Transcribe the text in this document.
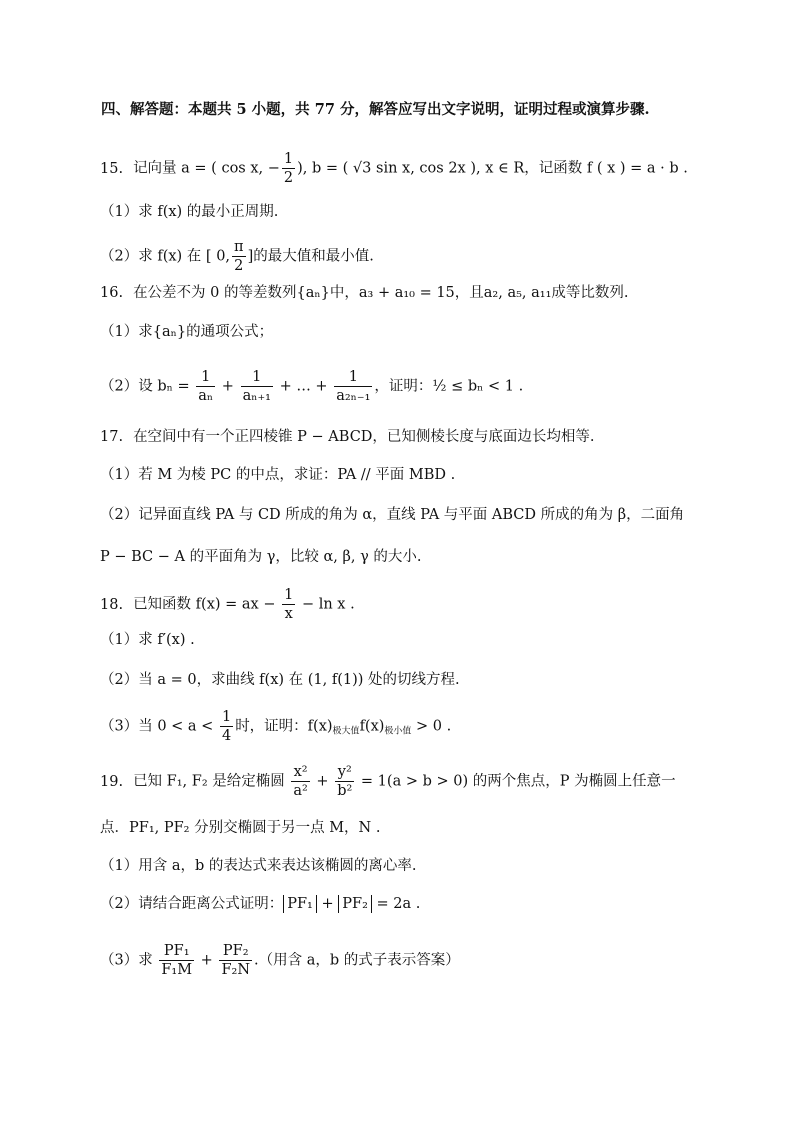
四、解答题：本题共 5 小题，共 77 分，解答应写出文字说明，证明过程或演算步骤.
15. 记向量 a = ( cos x, − $\frac{1}{2}$ ), b = ( √3 sin x, cos 2x ), x ∈ R，记函数 f ( x ) = a · b .
（1）求 f(x) 的最小正周期.
（2）求 f(x) 在 [ 0, $\frac{\pi}{2}$ ]的最大值和最小值.
16. 在公差不为 0 的等差数列{aₙ}中，a₃ + a₁₀ = 15，且a₂, a₅, a₁₁成等比数列.
（1）求{aₙ}的通项公式；
（2）设 $b_n = \frac{1}{\text{aₙ}} + \frac{1}{\text{aₙ₊₁}}$ + … + $\frac{1}{\text{a₂ₙ₋₁}}$ ，证明：½ ≤ bₙ < 1 .
17. 在空间中有一个正四棱锥 P − ABCD，已知侧棱长度与底面边长均相等.
（1）若 M 为棱 PC 的中点，求证：PA // 平面 MBD .
（2）记异面直线 PA 与 CD 所成的角为 α，直线 PA 与平面 ABCD 所成的角为 β，二面角
P − BC − A 的平面角为 γ，比较 α, β, γ 的大小.
18. 已知函数 f(x) = ax − $\frac{1}{x} - \ln x$ .
（1）求 f′(x) .
（2）当 a = 0，求曲线 f(x) 在 (1, f(1)) 处的切线方程.
（3）当 $0 < a < \frac{1}{4}$ 时，证明：$f(x)_{极大值}f(x)_{极小值} > 0$ .
19. 已知 F₁, F₂ 是给定椭圆 $\frac{\text{x²}}{\text{a²}} + \frac{\text{y²}}{\text{b²}} = 1(a > b > 0)$ 的两个焦点，P 为椭圆上任意一
点．PF₁, PF₂ 分别交椭圆于另一点 M，N .
（1）用含 a，b 的表达式来表达该椭圆的离心率.
（2）请结合距离公式证明： PF₁ + PF₂ = 2a .
（3）求 $\frac{\text{PF₁}}{\text{F₁M}} + \frac{\text{PF₂}}{\text{F₂N}}$ .（用含 a，b 的式子表示答案）
